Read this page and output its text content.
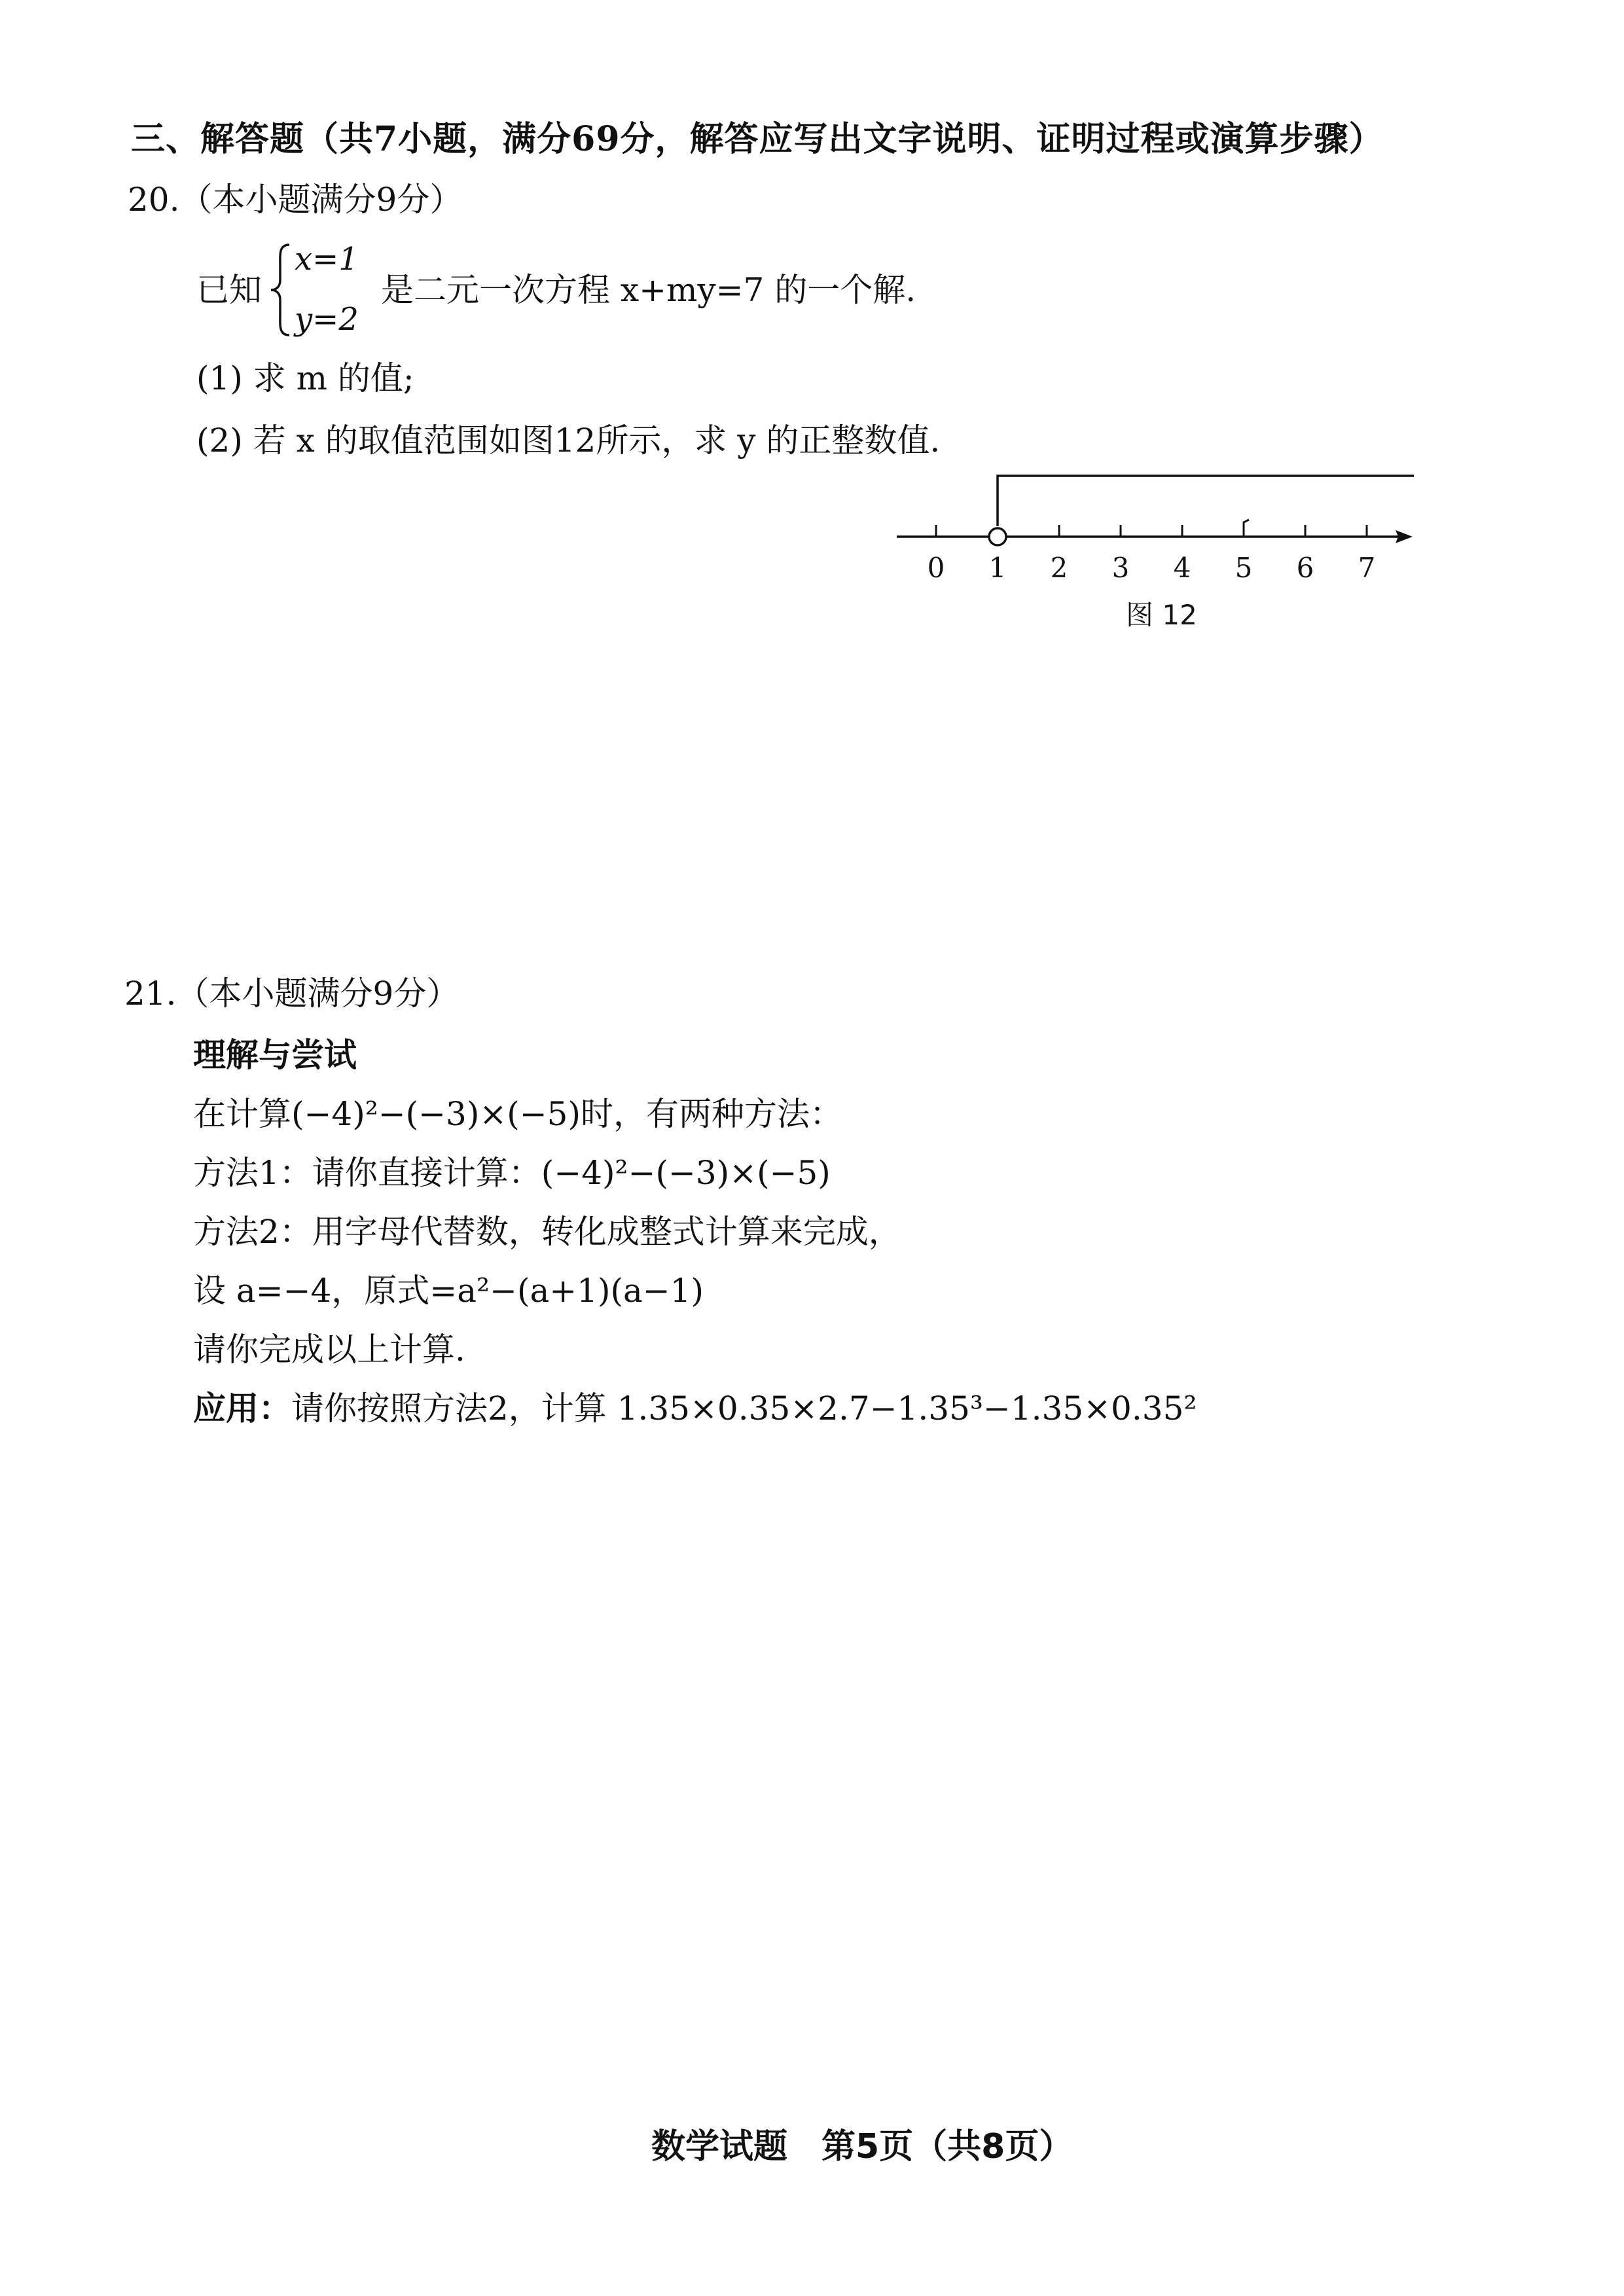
三、解答题（共7小题，满分69分，解答应写出文字说明、证明过程或演算步骤）
20.（本小题满分9分）
已知
x=1
y=2
是二元一次方程 x+my=7 的一个解.
(1) 求 m 的值;
(2) 若 x 的取值范围如图12所示，求 y 的正整数值.
0 1 2 3 4 5 6 7
图 12
21.（本小题满分9分）
理解与尝试
在计算(−4)²−(−3)×(−5)时，有两种方法：
方法1：请你直接计算：(−4)²−(−3)×(−5)
方法2：用字母代替数，转化成整式计算来完成，
设 a=−4，原式=a²−(a+1)(a−1)
请你完成以上计算.
应用：请你按照方法2，计算 1.35×0.35×2.7−1.35³−1.35×0.35²
数学试题　第5页（共8页）
